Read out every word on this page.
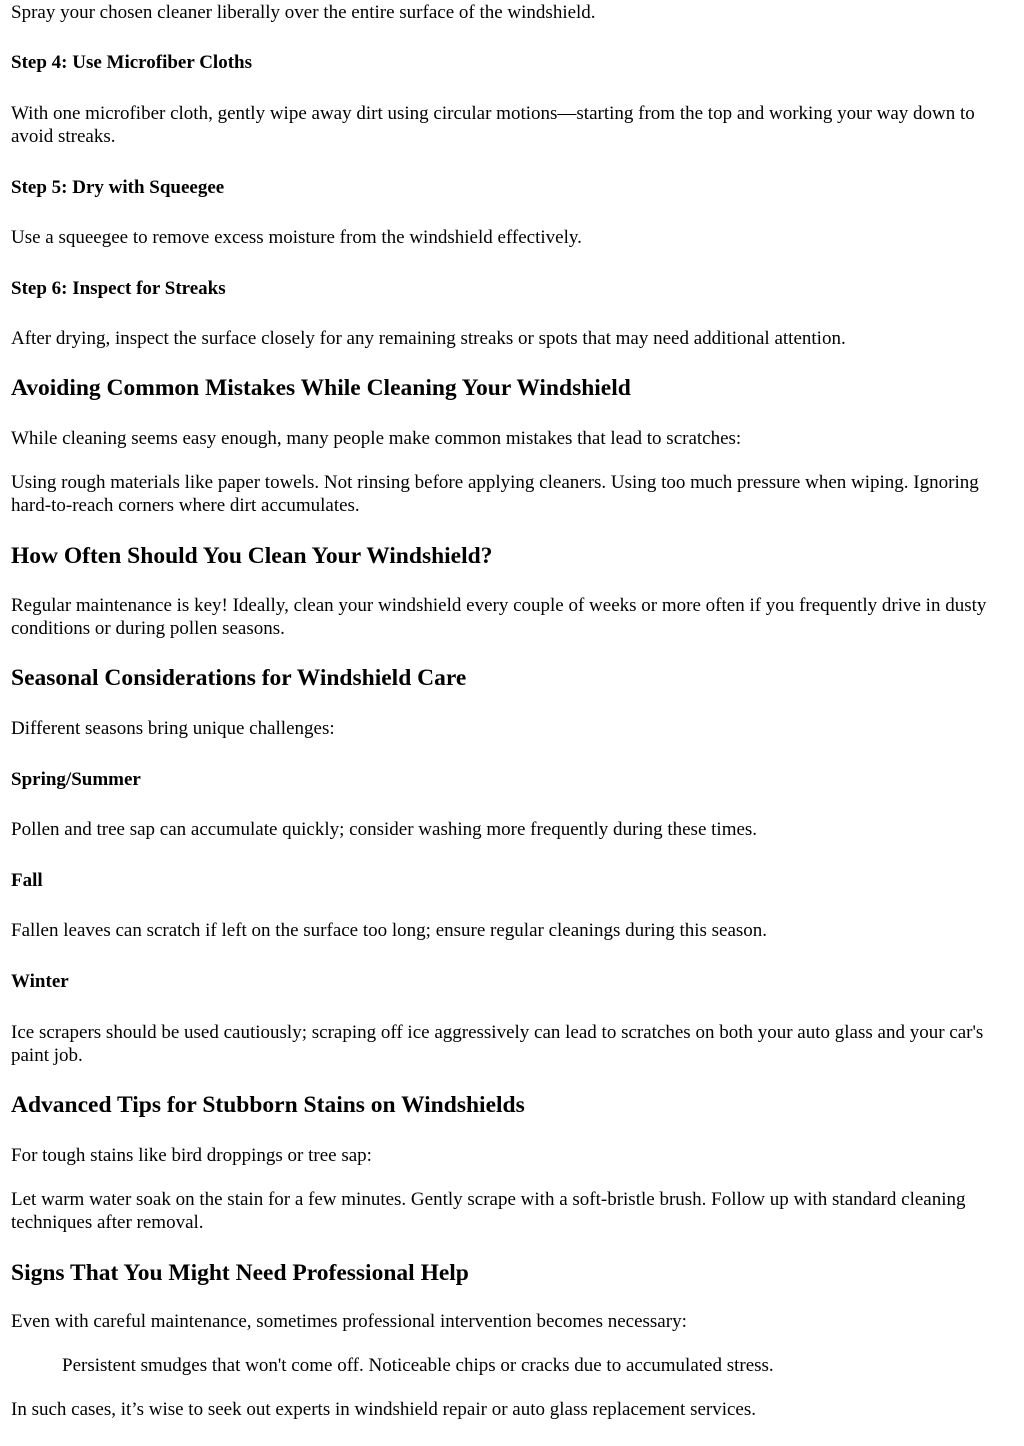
Spray your chosen cleaner liberally over the entire surface of the windshield.

Step 4: Use Microfiber Cloths

With one microfiber cloth, gently wipe away dirt using circular motions—starting from the top and working your way down to avoid streaks.

Step 5: Dry with Squeegee

Use a squeegee to remove excess moisture from the windshield effectively.

Step 6: Inspect for Streaks

After drying, inspect the surface closely for any remaining streaks or spots that may need additional attention.

Avoiding Common Mistakes While Cleaning Your Windshield

While cleaning seems easy enough, many people make common mistakes that lead to scratches:

Using rough materials like paper towels. Not rinsing before applying cleaners. Using too much pressure when wiping. Ignoring hard-to-reach corners where dirt accumulates.

How Often Should You Clean Your Windshield?

Regular maintenance is key! Ideally, clean your windshield every couple of weeks or more often if you frequently drive in dusty conditions or during pollen seasons.

Seasonal Considerations for Windshield Care

Different seasons bring unique challenges:

Spring/Summer

Pollen and tree sap can accumulate quickly; consider washing more frequently during these times.

Fall

Fallen leaves can scratch if left on the surface too long; ensure regular cleanings during this season.

Winter

Ice scrapers should be used cautiously; scraping off ice aggressively can lead to scratches on both your auto glass and your car's paint job.

Advanced Tips for Stubborn Stains on Windshields

For tough stains like bird droppings or tree sap:

Let warm water soak on the stain for a few minutes. Gently scrape with a soft-bristle brush. Follow up with standard cleaning techniques after removal.

Signs That You Might Need Professional Help

Even with careful maintenance, sometimes professional intervention becomes necessary:

Persistent smudges that won't come off. Noticeable chips or cracks due to accumulated stress.

In such cases, it’s wise to seek out experts in windshield repair or auto glass replacement services.
